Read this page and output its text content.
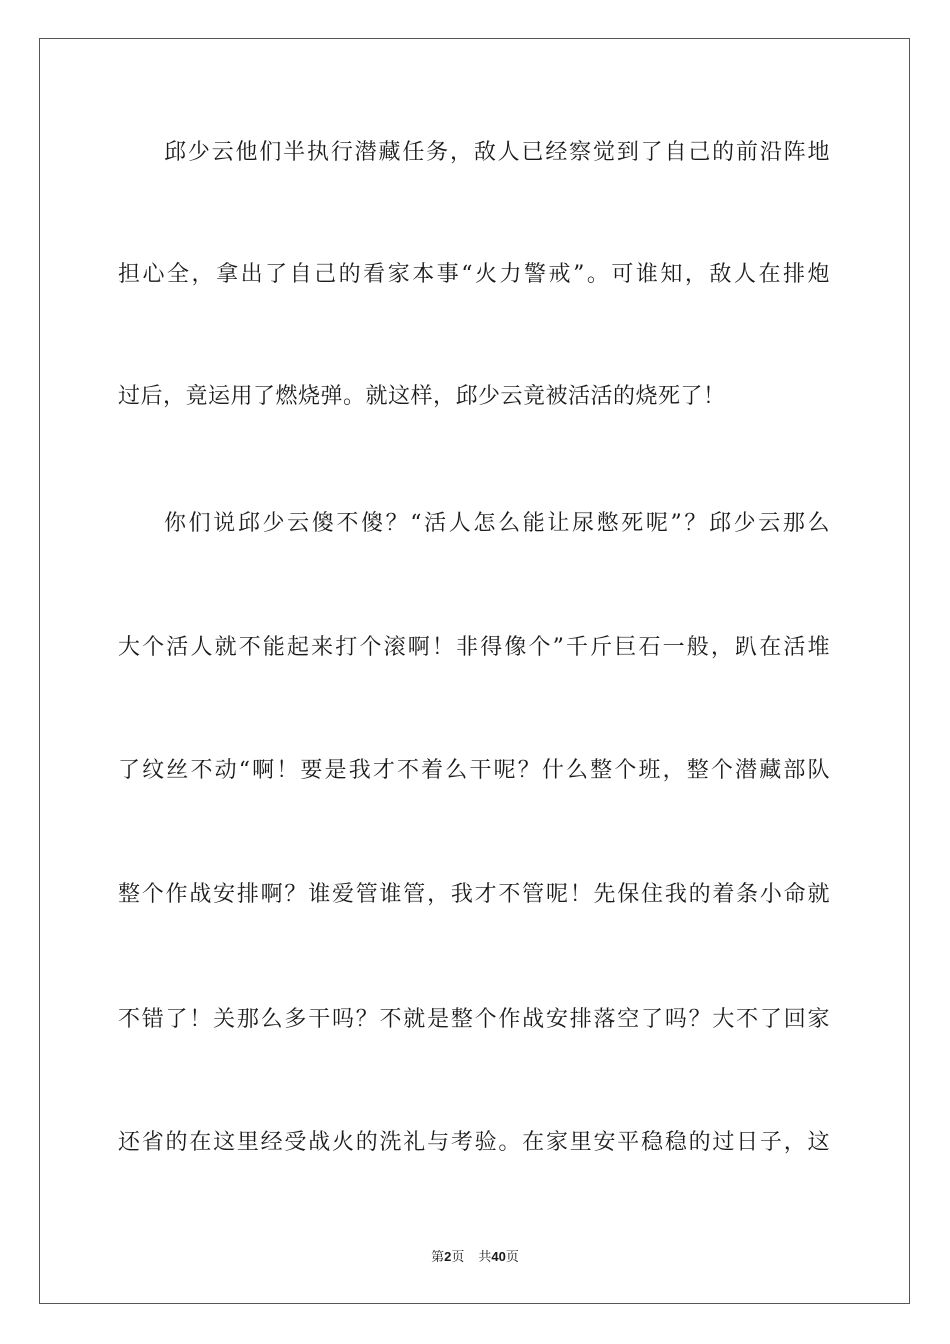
邱少云他们半执行潜藏任务，敌人已经察觉到了自己的前沿阵地
担心全，拿出了自己的看家本事“火力警戒”。可谁知，敌人在排炮
过后，竟运用了燃烧弹。就这样，邱少云竟被活活的烧死了！
你们说邱少云傻不傻？“活人怎么能让尿憋死呢”？邱少云那么
大个活人就不能起来打个滚啊！非得像个”千斤巨石一般，趴在活堆
了纹丝不动“啊！要是我才不着么干呢？什么整个班，整个潜藏部队
整个作战安排啊？谁爱管谁管，我才不管呢！先保住我的着条小命就
不错了！关那么多干吗？不就是整个作战安排落空了吗？大不了回家
还省的在这里经受战火的洗礼与考验。在家里安平稳稳的过日子，这
第2页 共40页
